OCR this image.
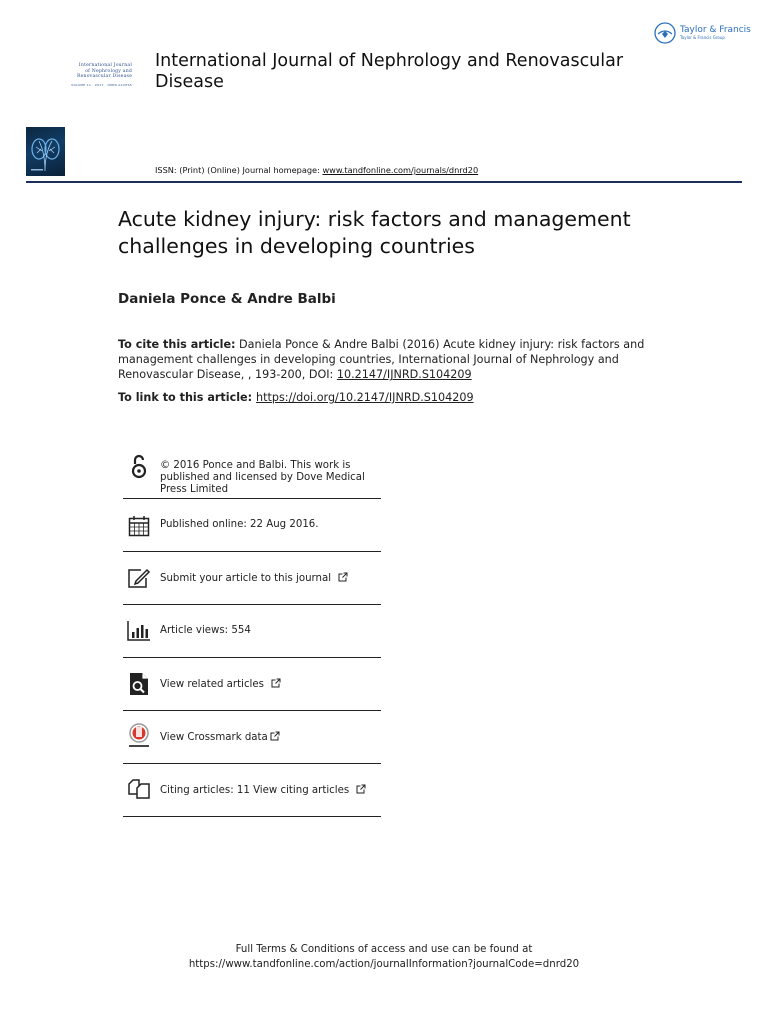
Taylor & Francis
Taylor & Francis Group
International Journal
of Nephrology and
Renovascular Disease
VOLUME 11 · 2017 · OPEN ACCESS
International Journal of Nephrology and Renovascular Disease
ISSN: (Print) (Online) Journal homepage: www.tandfonline.com/journals/dnrd20
Acute kidney injury: risk factors and management challenges in developing countries
Daniela Ponce & Andre Balbi
To cite this article: Daniela Ponce & Andre Balbi (2016) Acute kidney injury: risk factors and management challenges in developing countries, International Journal of Nephrology and Renovascular Disease, , 193-200, DOI: 10.2147/IJNRD.S104209
To link to this article: https://doi.org/10.2147/IJNRD.S104209
© 2016 Ponce and Balbi. This work is published and licensed by Dove Medical Press Limited
Published online: 22 Aug 2016.
Submit your article to this journal
Article views: 554
View related articles
View Crossmark data
Citing articles: 11 View citing articles
Full Terms & Conditions of access and use can be found at
https://www.tandfonline.com/action/journalInformation?journalCode=dnrd20
